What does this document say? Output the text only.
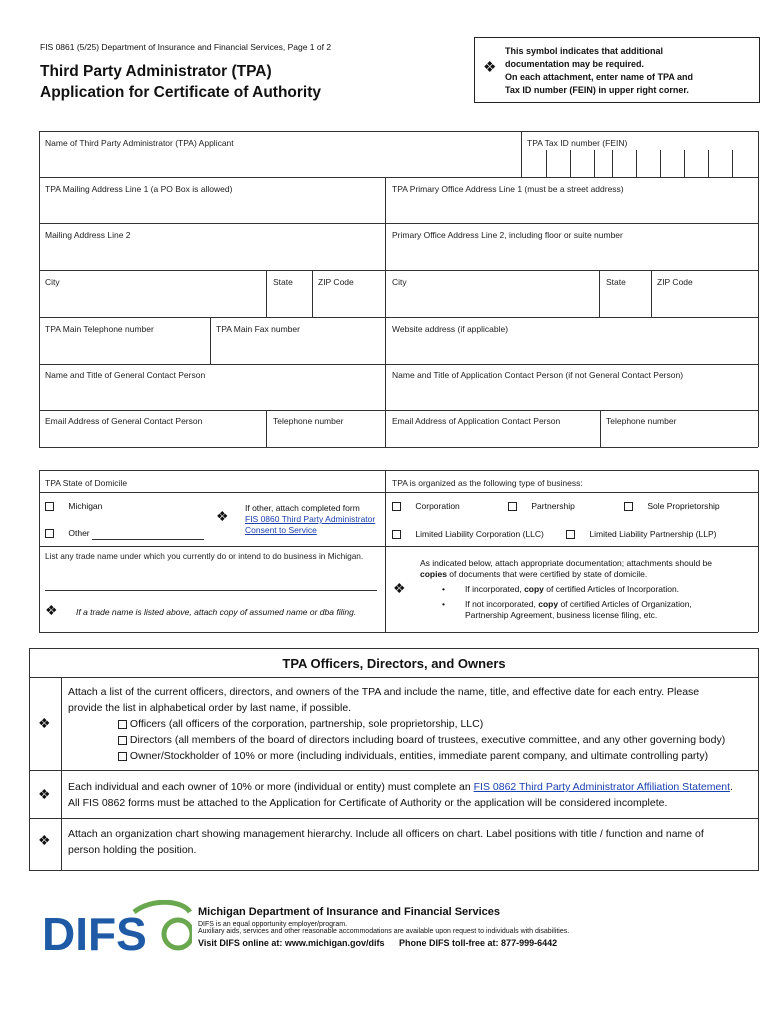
FIS 0861 (5/25) Department of Insurance and Financial Services, Page 1 of 2
Third Party Administrator (TPA)
Application for Certificate of Authority
❖
This symbol indicates that additional
documentation may be required.
On each attachment, enter name of TPA and
Tax ID number (FEIN) in upper right corner.
Name of Third Party Administrator (TPA) Applicant	TPA Tax ID number (FEIN)
TPA Mailing Address Line 1 (a PO Box is allowed)	TPA Primary Office Address Line 1 (must be a street address)
Mailing Address Line 2	Primary Office Address Line 2, including floor or suite number
City	State	ZIP Code	City	State	ZIP Code
TPA Main Telephone number	TPA Main Fax number	Website address (if applicable)
Name and Title of General Contact Person	Name and Title of Application Contact Person (if not General Contact Person)
Email Address of General Contact Person	Telephone number	Email Address of Application Contact Person	Telephone number
TPA State of Domicile
Michigan
Other
❖ If other, attach completed form
FIS 0860 Third Party Administrator Consent to Service
List any trade name under which you currently do or intend to do business in Michigan.
❖ If a trade name is listed above, attach copy of assumed name or dba filing.
TPA is organized as the following type of business:
Corporation	Partnership	Sole Proprietorship
Limited Liability Corporation (LLC)	Limited Liability Partnership (LLP)
❖
As indicated below, attach appropriate documentation; attachments should be
copies of documents that were certified by state of domicile.
• If incorporated, copy of certified Articles of Incorporation.
• If not incorporated, copy of certified Articles of Organization,
Partnership Agreement, business license filing, etc.
TPA Officers, Directors, and Owners
❖
Attach a list of the current officers, directors, and owners of the TPA and include the name, title, and effective date for each entry. Please
provide the list in alphabetical order by last name, if possible.
Officers (all officers of the corporation, partnership, sole proprietorship, LLC)
Directors (all members of the board of directors including board of trustees, executive committee, and any other governing body)
Owner/Stockholder of 10% or more (including individuals, entities, immediate parent company, and ultimate controlling party)
❖ Each individual and each owner of 10% or more (individual or entity) must complete an FIS 0862 Third Party Administrator Affiliation Statement.
All FIS 0862 forms must be attached to the Application for Certificate of Authority or the application will be considered incomplete.
❖ Attach an organization chart showing management hierarchy. Include all officers on chart. Label positions with title / function and name of
person holding the position.
DIFS	Michigan Department of Insurance and Financial Services
DIFS is an equal opportunity employer/program.
Auxiliary aids, services and other reasonable accommodations are available upon request to individuals with disabilities.
Visit DIFS online at: www.michigan.gov/difs Phone DIFS toll-free at: 877-999-6442
